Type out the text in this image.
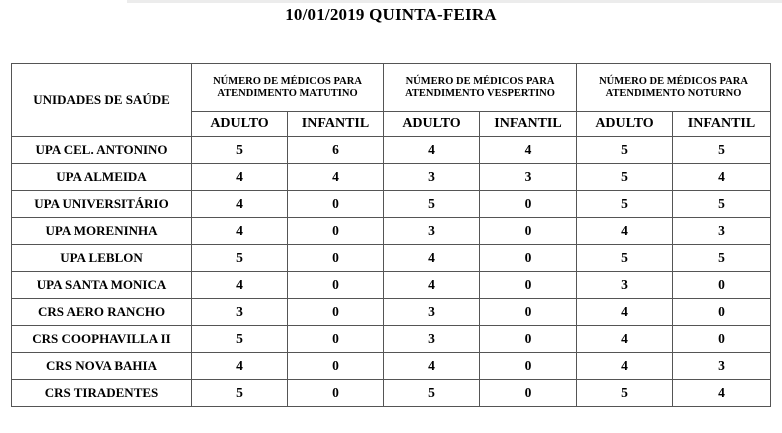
10/01/2019 QUINTA-FEIRA
UNIDADES DE SAÚDE	NÚMERO DE MÉDICOS PARA ATENDIMENTO MATUTINO		NÚMERO DE MÉDICOS PARA ATENDIMENTO VESPERTINO		NÚMERO DE MÉDICOS PARA ATENDIMENTO NOTURNO	
	ADULTO	INFANTIL	ADULTO	INFANTIL	ADULTO	INFANTIL
UPA CEL. ANTONINO	5	6	4	4	5	5
UPA ALMEIDA	4	4	3	3	5	4
UPA UNIVERSITÁRIO	4	0	5	0	5	5
UPA MORENINHA	4	0	3	0	4	3
UPA LEBLON	5	0	4	0	5	5
UPA SANTA MONICA	4	0	4	0	3	0
CRS AERO RANCHO	3	0	3	0	4	0
CRS COOPHAVILLA II	5	0	3	0	4	0
CRS NOVA BAHIA	4	0	4	0	4	3
CRS TIRADENTES	5	0	5	0	5	4
